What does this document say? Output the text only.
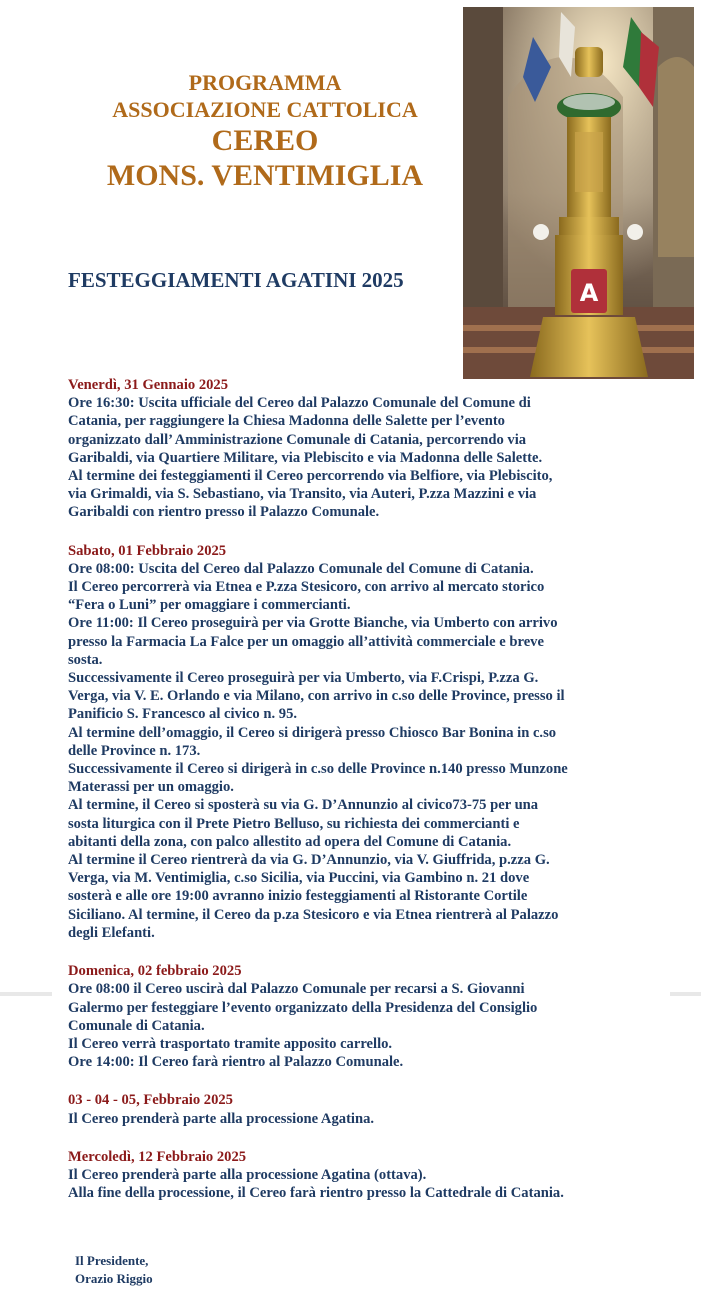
PROGRAMMA
ASSOCIAZIONE CATTOLICA
CEREO
MONS. VENTIMIGLIA
FESTEGGIAMENTI AGATINI 2025	A
Venerdì, 31 Gennaio 2025
Ore 16:30: Uscita ufficiale del Cereo dal Palazzo Comunale del Comune di
Catania, per raggiungere la Chiesa Madonna delle Salette per l’evento
organizzato dall’ Amministrazione Comunale di Catania, percorrendo via
Garibaldi, via Quartiere Militare, via Plebiscito e via Madonna delle Salette.
Al termine dei festeggiamenti il Cereo percorrendo via Belfiore, via Plebiscito,
via Grimaldi, via S. Sebastiano, via Transito, via Auteri, P.zza Mazzini e via
Garibaldi con rientro presso il Palazzo Comunale.
Sabato, 01 Febbraio 2025
Ore 08:00: Uscita del Cereo dal Palazzo Comunale del Comune di Catania.
Il Cereo percorrerà via Etnea e P.zza Stesicoro, con arrivo al mercato storico
“Fera o Luni” per omaggiare i commercianti.
Ore 11:00: Il Cereo proseguirà per via Grotte Bianche, via Umberto con arrivo
presso la Farmacia La Falce per un omaggio all’attività commerciale e breve
sosta.
Successivamente il Cereo proseguirà per via Umberto, via F.Crispi, P.zza G.
Verga, via V. E. Orlando e via Milano, con arrivo in c.so delle Province, presso il
Panificio S. Francesco al civico n. 95.
Al termine dell’omaggio, il Cereo si dirigerà presso Chiosco Bar Bonina in c.so
delle Province n. 173.
Successivamente il Cereo si dirigerà in c.so delle Province n.140 presso Munzone
Materassi per un omaggio.
Al termine, il Cereo si sposterà su via G. D’Annunzio al civico73-75 per una
sosta liturgica con il Prete Pietro Belluso, su richiesta dei commercianti e
abitanti della zona, con palco allestito ad opera del Comune di Catania.
Al termine il Cereo rientrerà da via G. D’Annunzio, via V. Giuffrida, p.zza G.
Verga, via M. Ventimiglia, c.so Sicilia, via Puccini, via Gambino n. 21 dove
sosterà e alle ore 19:00 avranno inizio festeggiamenti al Ristorante Cortile
Siciliano. Al termine, il Cereo da p.za Stesicoro e via Etnea rientrerà al Palazzo
degli Elefanti.
Domenica, 02 febbraio 2025
Ore 08:00 il Cereo uscirà dal Palazzo Comunale per recarsi a S. Giovanni
Galermo per festeggiare l’evento organizzato della Presidenza del Consiglio
Comunale di Catania.
Il Cereo verrà trasportato tramite apposito carrello.
Ore 14:00: Il Cereo farà rientro al Palazzo Comunale.
03 - 04 - 05, Febbraio 2025
Il Cereo prenderà parte alla processione Agatina.
Mercoledì, 12 Febbraio 2025
Il Cereo prenderà parte alla processione Agatina (ottava).
Alla fine della processione, il Cereo farà rientro presso la Cattedrale di Catania.
Il Presidente,
Orazio Riggio
